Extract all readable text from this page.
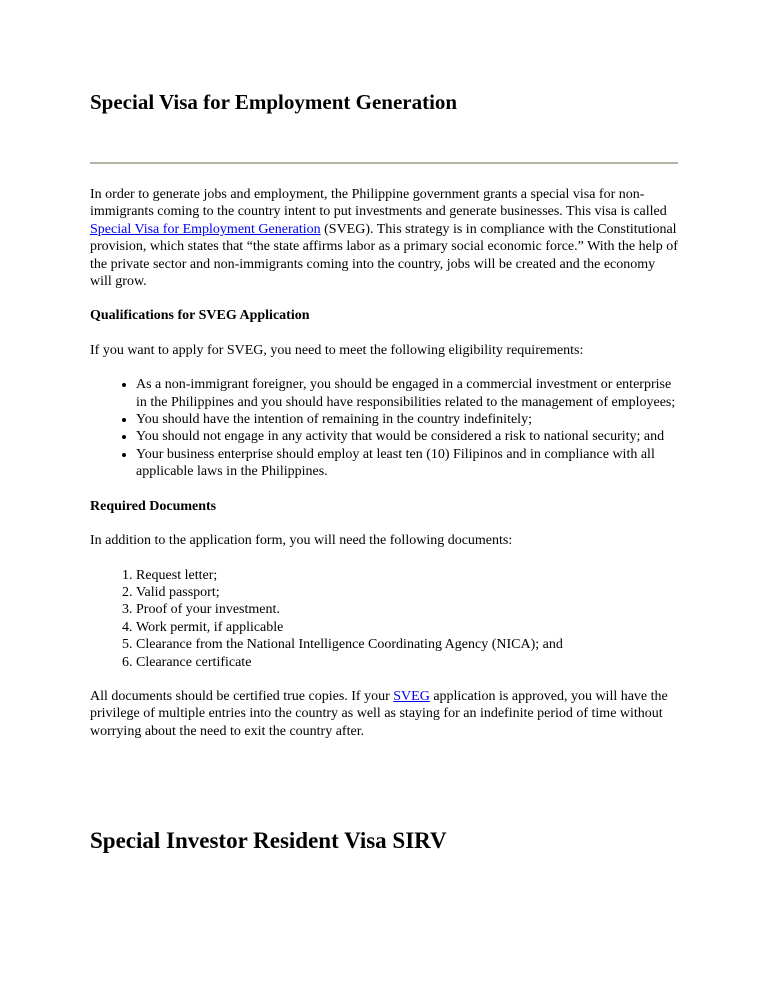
Special Visa for Employment Generation

In order to generate jobs and employment, the Philippine government grants a special visa for non-immigrants coming to the country intent to put investments and generate businesses. This visa is called Special Visa for Employment Generation (SVEG). This strategy is in compliance with the Constitutional provision, which states that “the state affirms labor as a primary social economic force.” With the help of the private sector and non-immigrants coming into the country, jobs will be created and the economy will grow.

Qualifications for SVEG Application

If you want to apply for SVEG, you need to meet the following eligibility requirements:

• As a non-immigrant foreigner, you should be engaged in a commercial investment or enterprise in the Philippines and you should have responsibilities related to the management of employees;
• You should have the intention of remaining in the country indefinitely;
• You should not engage in any activity that would be considered a risk to national security; and
• Your business enterprise should employ at least ten (10) Filipinos and in compliance with all applicable laws in the Philippines.

Required Documents

In addition to the application form, you will need the following documents:

1. Request letter;
2. Valid passport;
3. Proof of your investment.
4. Work permit, if applicable
5. Clearance from the National Intelligence Coordinating Agency (NICA); and
6. Clearance certificate

All documents should be certified true copies. If your SVEG application is approved, you will have the privilege of multiple entries into the country as well as staying for an indefinite period of time without worrying about the need to exit the country after.

Special Investor Resident Visa SIRV
